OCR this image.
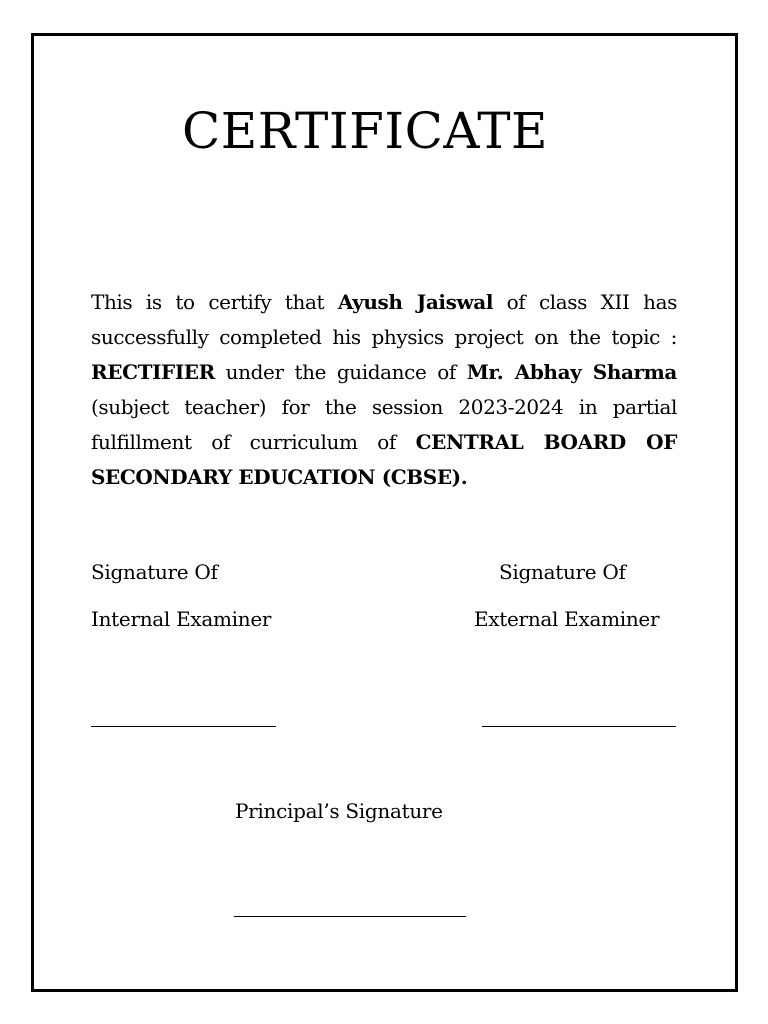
CERTIFICATE

This is to certify that Ayush Jaiswal of class XII has successfully completed his physics project on the topic : RECTIFIER under the guidance of Mr. Abhay Sharma (subject teacher) for the session 2023-2024 in partial fulfillment of curriculum of CENTRAL BOARD OF SECONDARY EDUCATION (CBSE).

Signature Of
Internal Examiner
Signature Of
External Examiner
Principal’s Signature
